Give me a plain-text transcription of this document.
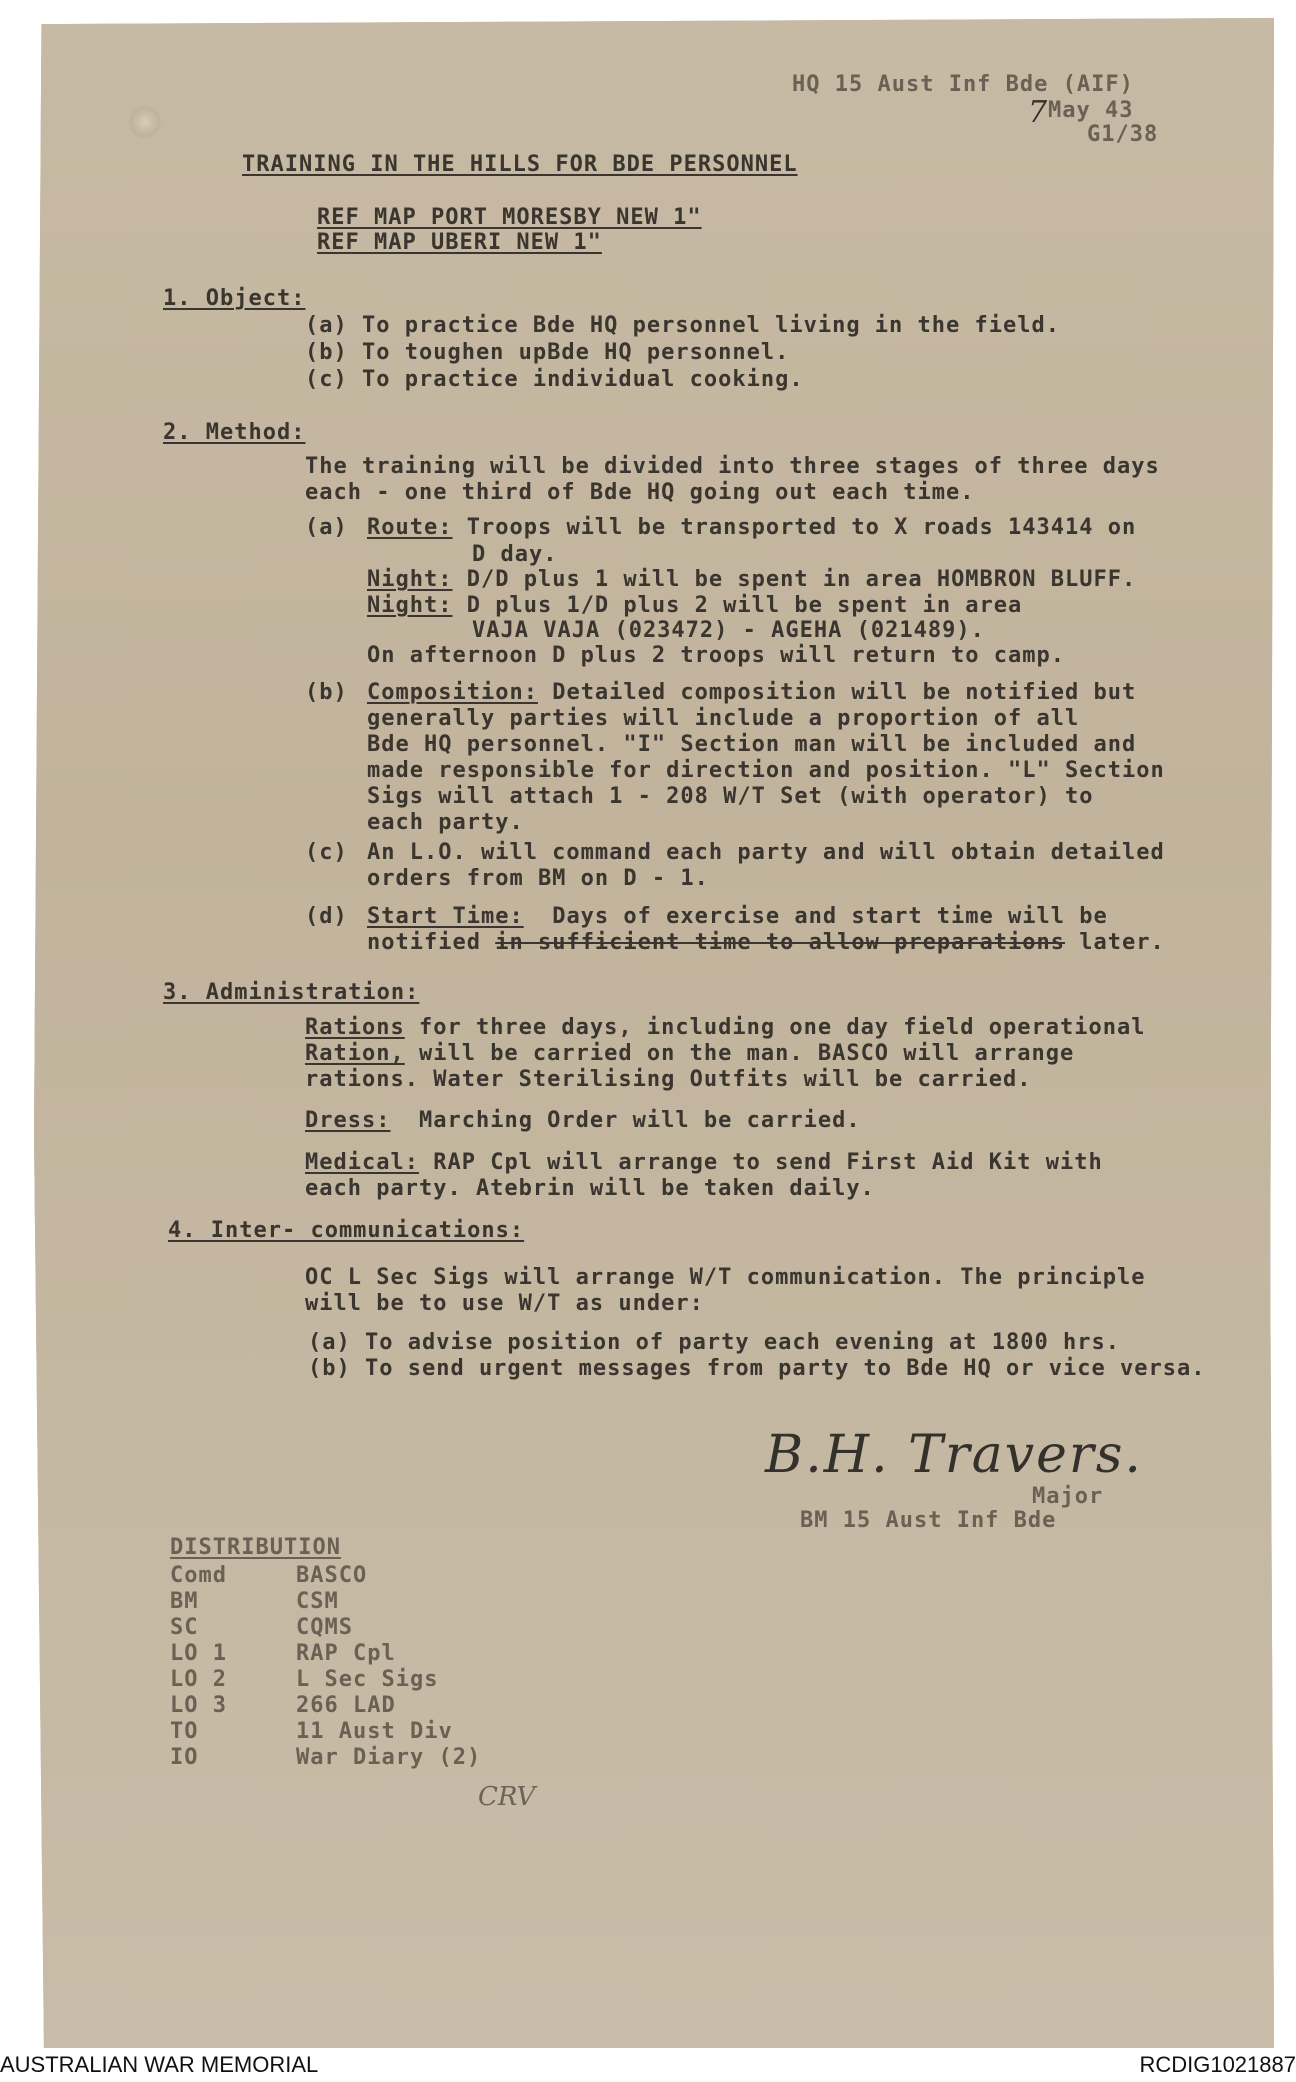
HQ 15 Aust Inf Bde (AIF)
7 May 43
G1/38
TRAINING IN THE HILLS FOR BDE PERSONNEL
REF MAP PORT MORESBY NEW 1"
REF MAP UBERI NEW 1"
1. Object:
(a) To practice Bde HQ personnel living in the field.
(b) To toughen upBde HQ personnel.
(c) To practice individual cooking.
2. Method:
The training will be divided into three stages of three days
each - one third of Bde HQ going out each time.
(a) Route: Troops will be transported to X roads 143414 on
D day.
Night: D/D plus 1 will be spent in area HOMBRON BLUFF.
Night: D plus 1/D plus 2 will be spent in area
VAJA VAJA (023472) - AGEHA (021489).
On afternoon D plus 2 troops will return to camp.
(b) Composition: Detailed composition will be notified but
generally parties will include a proportion of all
Bde HQ personnel. "I" Section man will be included and
made responsible for direction and position. "L" Section
Sigs will attach 1 - 208 W/T Set (with operator) to
each party.
(c) An L.O. will command each party and will obtain detailed
orders from BM on D - 1.
(d) Start Time:  Days of exercise and start time will be
notified in sufficient time to allow preparations later.
3. Administration:
Rations for three days, including one day field operational
Ration, will be carried on the man. BASCO will arrange
rations. Water Sterilising Outfits will be carried.
Dress:  Marching Order will be carried.
Medical: RAP Cpl will arrange to send First Aid Kit with
each party. Atebrin will be taken daily.
4. Inter- communications:
OC L Sec Sigs will arrange W/T communication. The principle
will be to use W/T as under:
(a) To advise position of party each evening at 1800 hrs.
(b) To send urgent messages from party to Bde HQ or vice versa.
B.H. Travers.
Major
BM 15 Aust Inf Bde
DISTRIBUTION
Comd
BM
SC
LO 1
LO 2
LO 3
TO
IO
BASCO
CSM
CQMS
RAP Cpl
L Sec Sigs
266 LAD
11 Aust Div
War Diary (2)
CRV
AUSTRALIAN WAR MEMORIAL	RCDIG1021887
